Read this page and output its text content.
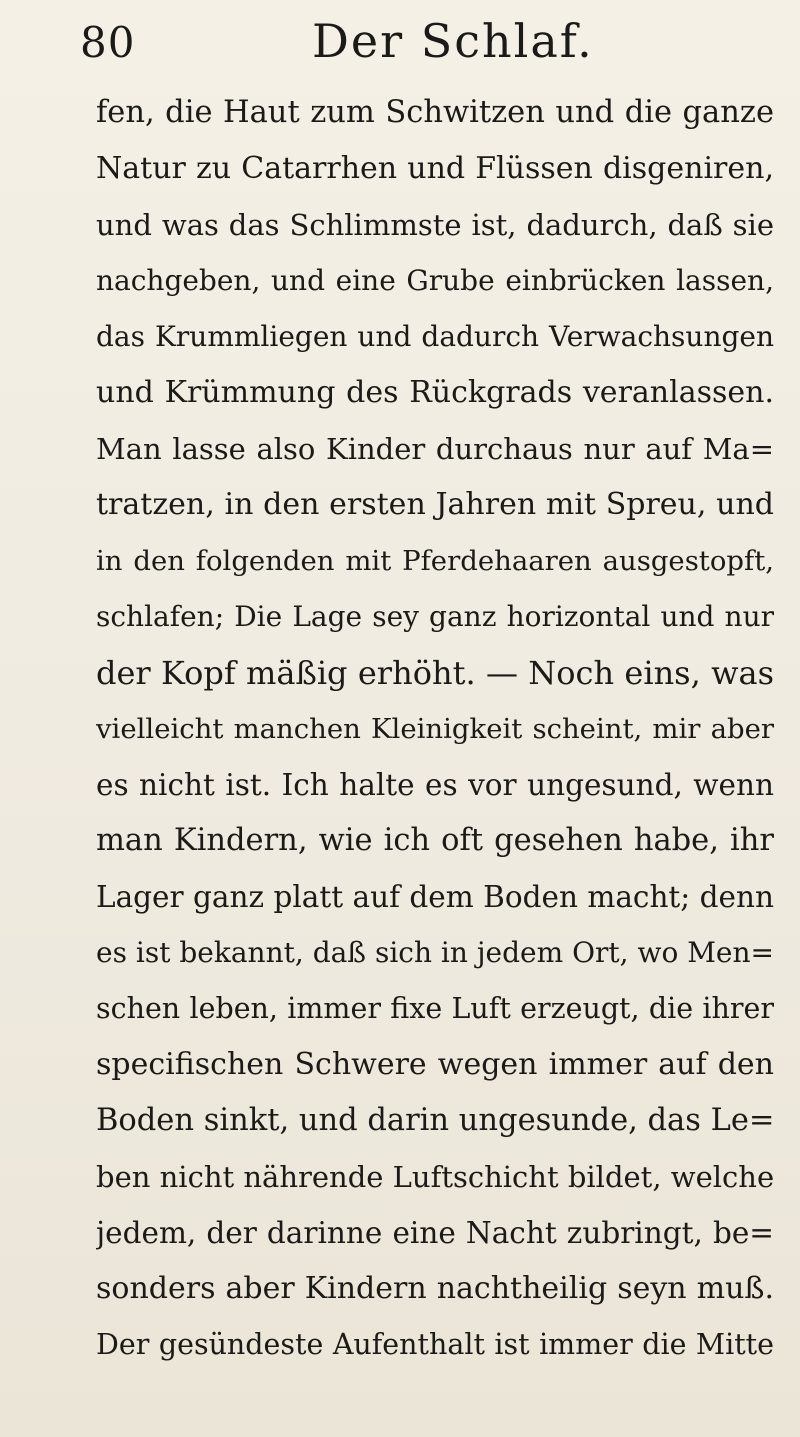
80	Der Schlaf.
fen, die Haut zum Schwitzen und die ganze
Natur zu Catarrhen und Flüssen disgeniren,
und was das Schlimmste ist, dadurch, daß sie
nachgeben, und eine Grube einbrücken lassen,
das Krummliegen und dadurch Verwachsungen
und Krümmung des Rückgrads veranlassen.
Man lasse also Kinder durchaus nur auf Ma=
tratzen, in den ersten Jahren mit Spreu, und
in den folgenden mit Pferdehaaren ausgestopft,
schlafen; Die Lage sey ganz horizontal und nur
der Kopf mäßig erhöht. — Noch eins, was
vielleicht manchen Kleinigkeit scheint, mir aber
es nicht ist. Ich halte es vor ungesund, wenn
man Kindern, wie ich oft gesehen habe, ihr
Lager ganz platt auf dem Boden macht; denn
es ist bekannt, daß sich in jedem Ort, wo Men=
schen leben, immer fixe Luft erzeugt, die ihrer
specifischen Schwere wegen immer auf den
Boden sinkt, und darin ungesunde, das Le=
ben nicht nährende Luftschicht bildet, welche
jedem, der darinne eine Nacht zubringt, be=
sonders aber Kindern nachtheilig seyn muß.
Der gesündeste Aufenthalt ist immer die Mitte
